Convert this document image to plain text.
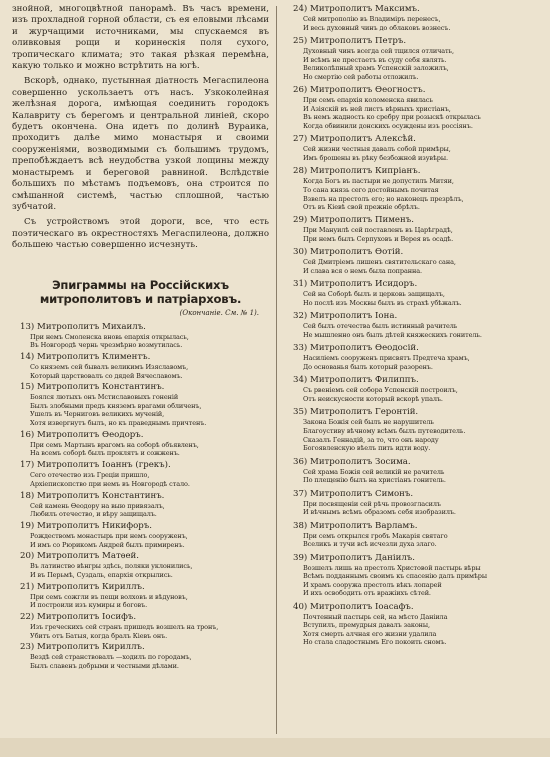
знойной, многоцвѣтной панорамѣ. Въ часъ времени, изъ прохладной горной области, съ ея еловыми лѣсами и журчащими источниками, мы спускаемся въ оливковыя рощи и коринѳскія поля сухого, тропическаго климата; это такая рѣзкая перемѣна, какую только и можно встрѣтить на югѣ.

Вскорѣ, однако, пустынная діатность Мегаспилеона совершенно ускользаетъ отъ насъ. Узкоколейная желѣзная дорога, имѣющая соединить городокъ Калавриту съ берегомъ и центральной линіей, скоро будетъ окончена. Она идетъ по долинѣ Вураика, проходитъ далѣе мимо монастыря и своими сооруженіями, возводимыми съ большимъ трудомъ, препобѣждаетъ всѣ неудобства узкой лощины между монастыремъ и береговой равниной. Вслѣдствіе большихъ по мѣстамъ подъемовъ, она строится по смѣшанной системѣ, частью сплошной, частью зубчатой.

Съ устройствомъ этой дороги, все, что есть поэтическаго въ окрестностяхъ Мегаспилеона, должно большею частью совершенно исчезнуть.

Эпиграммы на Россійскихъ митрополитовъ и патріарховъ.
(Окончаніе. См. № 1).
13) Митрополитъ Михаилъ.
При немъ Смоленска вновь епархія открылась,
Въ Новгородѣ чернь чрезмѣрно возмутилась.
14) Митрополитъ Климентъ.
Со княземъ сей бывалъ великимъ Изяславомъ,
Который царствовалъ со дядей Вячеславомъ.
15) Митрополитъ Константинъ.
Боялся лютыхъ онъ Мстиславовыхъ гоненій
Былъ злобными предъ княземъ врагами обличенъ,
Ушелъ въ Черниговъ великихъ мученій,
Хотя извергнутъ былъ, но къ праведнымъ причтенъ.
16) Митрополитъ Ѳеодоръ.
При семъ Мартынъ врагомъ на соборѣ объявленъ,
На всемъ соборѣ былъ проклятъ и сожженъ.
17) Митрополитъ Іоаннъ (грекъ).
Сего отечество изъ Греціи пришло,
Архіепископство при немъ въ Новгородѣ стало.
18) Митрополитъ Константинъ.
Сей камень Ѳеодору на выю привязалъ,
Любилъ отечество, и вѣру защищалъ.
19) Митрополитъ Никифоръ.
Рождествомъ монастырь при немъ сооруженъ,
И имъ со Рюрикомъ Андрей былъ примиренъ.
20) Митрополитъ Матѳей.
Въ латинство вѣнгры здѣсь, поляки уклонились,
И въ Перьмѣ, Суздаль, епархія открылись.
21) Митрополитъ Кириллъ.
При семъ сожгли въ пещи волховъ и вѣдуновъ,
И построили изъ кумиры и боговъ.
22) Митрополитъ Іосифъ.
Изъ греческихъ сей странъ пришедъ возшелъ на тронъ,
Убитъ отъ Батыя, когда бралъ Кіевъ онъ.
23) Митрополитъ Кириллъ.
Вездѣ сей странствовалъ —ходилъ по городамъ,
Былъ славенъ добрыми и честными дѣлами.
24) Митрополитъ Максимъ.
Сей митрополію въ Владиміръ перенесъ,
И весь духовный чинъ до облаковъ вознесъ.
25) Митрополитъ Петръ.
Духовный чинъ всегда сей тщился отличать,
И всѣмъ не престаетъ въ суду себя являть.
Великолѣпный храмъ Успенскій заложилъ,
Но смертію сей работы отложилъ.
26) Митрополитъ Ѳеогностъ.
При семъ епархія коломенска явилась
И Азіяскій въ ней листъ вѣрныхъ христіанъ,
Въ немъ жадность ко сребру при розыскѣ открылась
Когда обвинили донскихъ осуждены изъ россіянъ.
27) Митрополитъ Алексѣй.
Сей жизни честныя давалъ собой примѣры,
Имъ брошены въ рѣку безбожной изувѣры.
28) Митрополитъ Кипріанъ.
Когда Богъ въ пастыри не допустилъ Митяи,
То сана князь сего достойнымъ почитая
Взвелъ на престолъ его; но наконецъ презрѣлъ,
Отъ въ Кіевѣ свой прежніе обрѣлъ.
29) Митрополитъ Пименъ.
При Мануилѣ сей поставленъ въ Царѣградѣ,
При немъ былъ Серпуховъ и Верея въ осадѣ.
30) Митрополитъ Ѳотій.
Сей Дмитріемъ лишенъ святительскаго сана,
И слава вся о немъ была попранна.
31) Митрополитъ Исидоръ.
Сей на Соборѣ былъ и церковь защищалъ,
Но послѣ изъ Москвы былъ въ страхѣ убѣжалъ.
32) Митрополитъ Іона.
Сей былъ отечества былъ истинный рачитель
Не мышленно онъ былъ дѣтей княжескихъ гонитель.
33) Митрополитъ Ѳеодосій.
Насиліемъ сооруженъ присвятъ Предтеча храмъ,
До основанья былъ который разоренъ.
34) Митрополитъ Филиппъ.
Съ рвеніемъ сей собора Успенскій построилъ,
Отъ неискусности который вскорѣ упалъ.
35) Митрополитъ Геронтій.
Закона Божія сей былъ не нарушитель
Благоустиву вѣчному всѣмъ былъ путеводитель.
Сказалъ Геннадій, за то, что онъ народу
Богоявленскую вѣелъ пить идти воду.
36) Митрополитъ Зосима.
Сей храма Божія сей великій не рачитель
По плещенію былъ на христіанъ гонитель.
37) Митрополитъ Симонъ.
При посвященіи сей рѣчь провозгласилъ
И вѣчнымъ всѣмъ образомъ себя изобразилъ.
38) Митрополитъ Варламъ.
При семъ открылся гробъ Макарія святаго
Вселикъ и тучи всѣ исчезли духа злаго.
39) Митрополитъ Даніилъ.
Возшелъ лишь на престолъ Христовой пастырь вѣры
Всѣмъ подданнымъ своимъ къ спасенію далъ примѣры
И храмъ сооружа престолъ вѣкъ лопарей
И ихъ освободить отъ вражіихъ сѣтей.
40) Митрополитъ Іоасафъ.
Почтенный пастырь сей, на мѣсто Даніила
Вступилъ, премудрыя давалъ законы,
Хотя смерть алчная его жизни удалила
Но стала сладостнымъ Его покоить сномъ.
